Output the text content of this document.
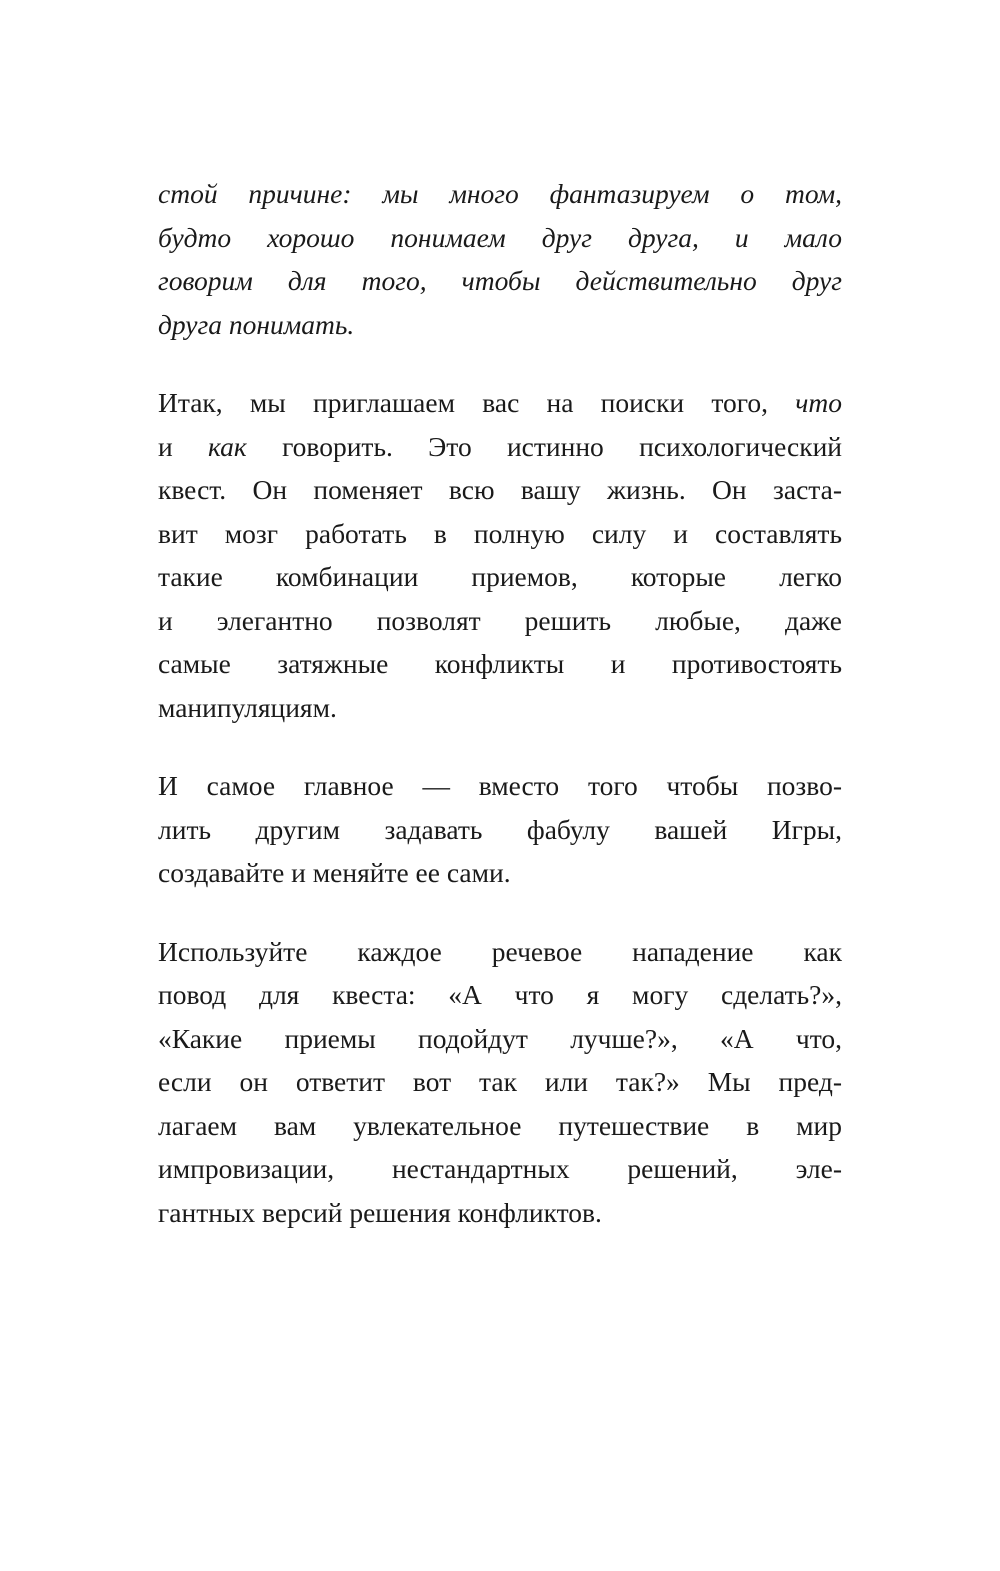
стой причине: мы много фантазируем о том,
будто хорошо понимаем друг друга, и мало
говорим для того, чтобы действительно друг
друга понимать.
Итак, мы приглашаем вас на поиски того, что
и как говорить. Это истинно психологический
квест. Он поменяет всю вашу жизнь. Он заста-
вит мозг работать в полную силу и составлять
такие комбинации приемов, которые легко
и элегантно позволят решить любые, даже
самые затяжные конфликты и противостоять
манипуляциям.
И самое главное — вместо того чтобы позво-
лить другим задавать фабулу вашей Игры,
создавайте и меняйте ее сами.
Используйте каждое речевое нападение как
повод для квеста: «А что я могу сделать?»,
«Какие приемы подойдут лучше?», «А что,
если он ответит вот так или так?» Мы пред-
лагаем вам увлекательное путешествие в мир
импровизации, нестандартных решений, эле-
гантных версий решения конфликтов.
